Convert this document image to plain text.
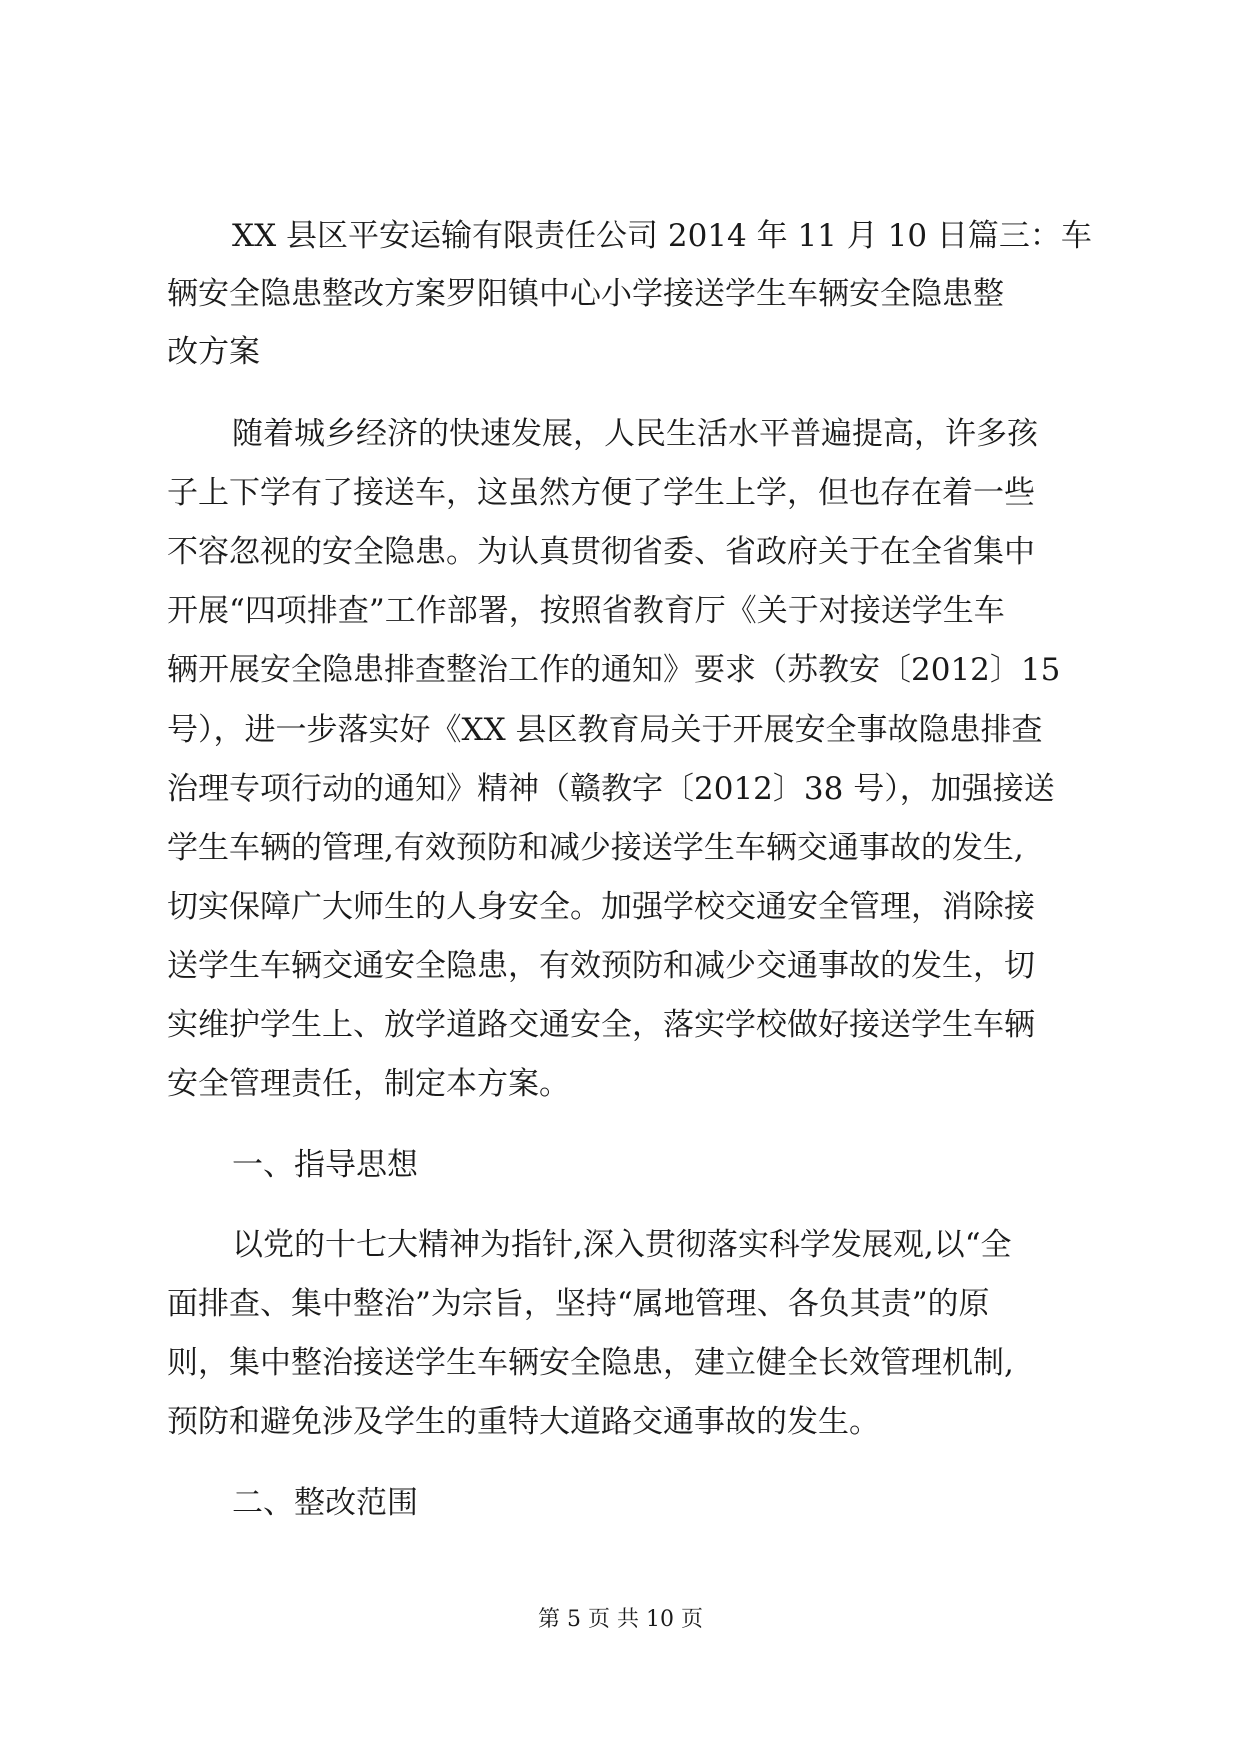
XX 县区平安运输有限责任公司 2014 年 11 月 10 日篇三：车

辆安全隐患整改方案罗阳镇中心小学接送学生车辆安全隐患整

改方案

随着城乡经济的快速发展，人民生活水平普遍提高，许多孩

子上下学有了接送车，这虽然方便了学生上学，但也存在着一些

不容忽视的安全隐患。为认真贯彻省委、省政府关于在全省集中

开展“四项排查”工作部署，按照省教育厅《关于对接送学生车

辆开展安全隐患排查整治工作的通知》要求（苏教安〔2012〕15

号），进一步落实好《XX 县区教育局关于开展安全事故隐患排查

治理专项行动的通知》精神（赣教字〔2012〕38 号），加强接送

学生车辆的管理,有效预防和减少接送学生车辆交通事故的发生,

切实保障广大师生的人身安全。加强学校交通安全管理，消除接

送学生车辆交通安全隐患，有效预防和减少交通事故的发生，切

实维护学生上、放学道路交通安全，落实学校做好接送学生车辆

安全管理责任，制定本方案。

一、指导思想

以党的十七大精神为指针,深入贯彻落实科学发展观,以“全

面排查、集中整治”为宗旨，坚持“属地管理、各负其责”的原

则，集中整治接送学生车辆安全隐患，建立健全长效管理机制,

预防和避免涉及学生的重特大道路交通事故的发生。

二、整改范围

第 5 页 共 10 页
